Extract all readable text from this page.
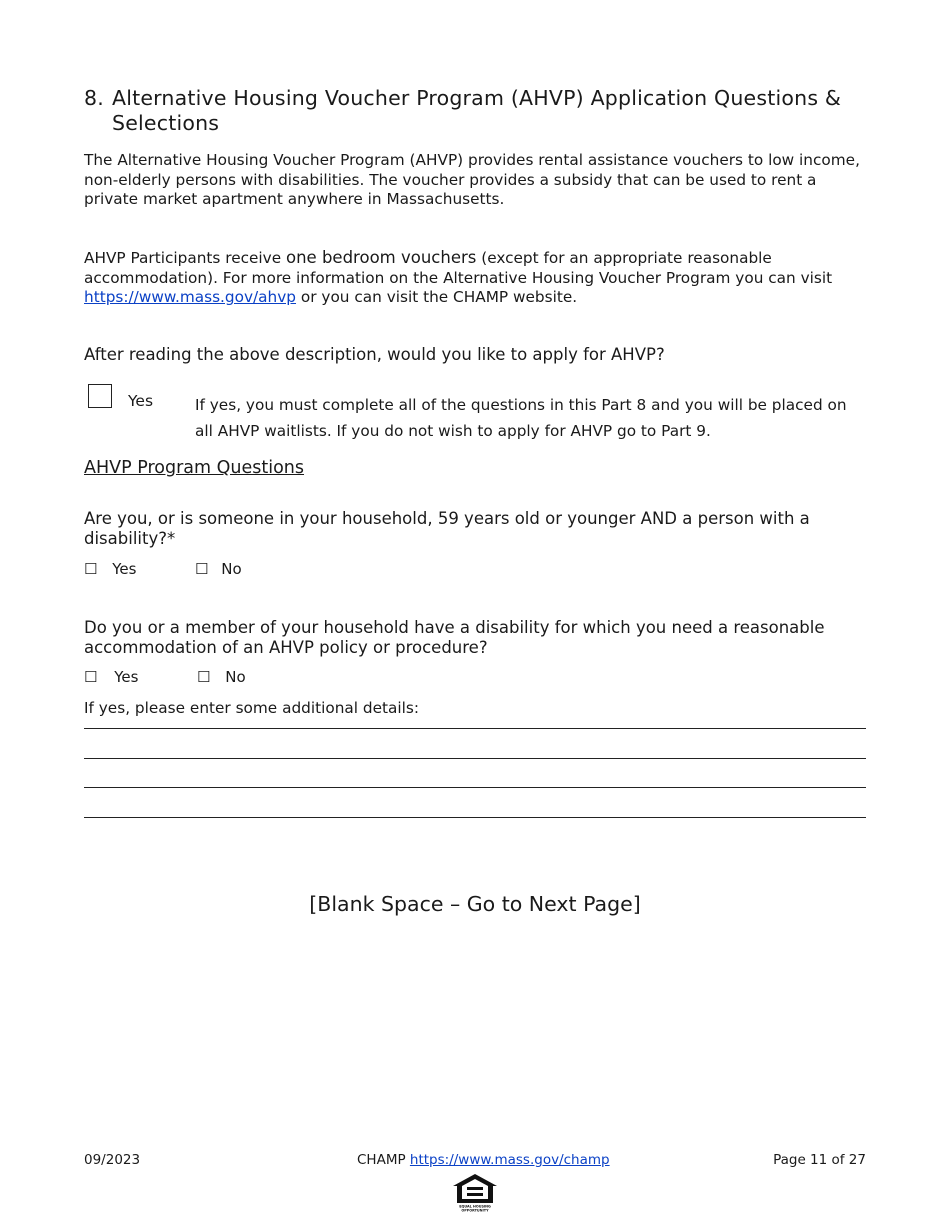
8. Alternative Housing Voucher Program (AHVP) Application Questions & Selections
The Alternative Housing Voucher Program (AHVP) provides rental assistance vouchers to low income, non-elderly persons with disabilities. The voucher provides a subsidy that can be used to rent a private market apartment anywhere in Massachusetts.
AHVP Participants receive one bedroom vouchers (except for an appropriate reasonable accommodation). For more information on the Alternative Housing Voucher Program you can visit https://www.mass.gov/ahvp or you can visit the CHAMP website.
After reading the above description, would you like to apply for AHVP?
Yes	If yes, you must complete all of the questions in this Part 8 and you will be placed on all AHVP waitlists. If you do not wish to apply for AHVP go to Part 9.
AHVP Program Questions
Are you, or is someone in your household, 59 years old or younger AND a person with a disability?*
☐ Yes	☐ No
Do you or a member of your household have a disability for which you need a reasonable accommodation of an AHVP policy or procedure?
☐ Yes	☐ No
If yes, please enter some additional details:
[Blank Space – Go to Next Page]
09/2023	CHAMP https://www.mass.gov/champ	Page 11 of 27
EQUAL HOUSING
OPPORTUNITY
